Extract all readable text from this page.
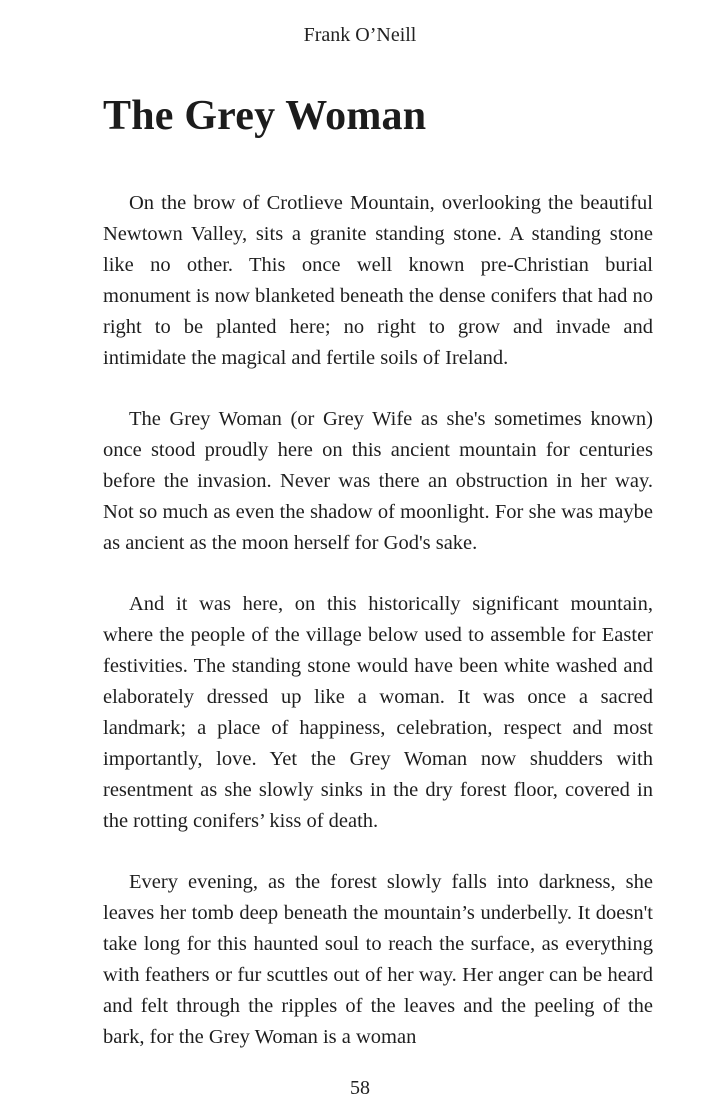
Frank O’Neill
The Grey Woman

On the brow of Crotlieve Mountain, overlooking the beautiful Newtown Valley, sits a granite standing stone. A standing stone like no other. This once well known pre-Christian burial monument is now blanketed beneath the dense conifers that had no right to be planted here; no right to grow and invade and intimidate the magical and fertile soils of Ireland.

The Grey Woman (or Grey Wife as she's sometimes known) once stood proudly here on this ancient mountain for centuries before the invasion. Never was there an obstruction in her way. Not so much as even the shadow of moonlight. For she was maybe as ancient as the moon herself for God's sake.

And it was here, on this historically significant mountain, where the people of the village below used to assemble for Easter festivities. The standing stone would have been white washed and elaborately dressed up like a woman. It was once a sacred landmark; a place of happiness, celebration, respect and most importantly, love. Yet the Grey Woman now shudders with resentment as she slowly sinks in the dry forest floor, covered in the rotting conifers’ kiss of death.

Every evening, as the forest slowly falls into darkness, she leaves her tomb deep beneath the mountain’s underbelly. It doesn't take long for this haunted soul to reach the surface, as everything with feathers or fur scuttles out of her way. Her anger can be heard and felt through the ripples of the leaves and the peeling of the bark, for the Grey Woman is a woman

58
